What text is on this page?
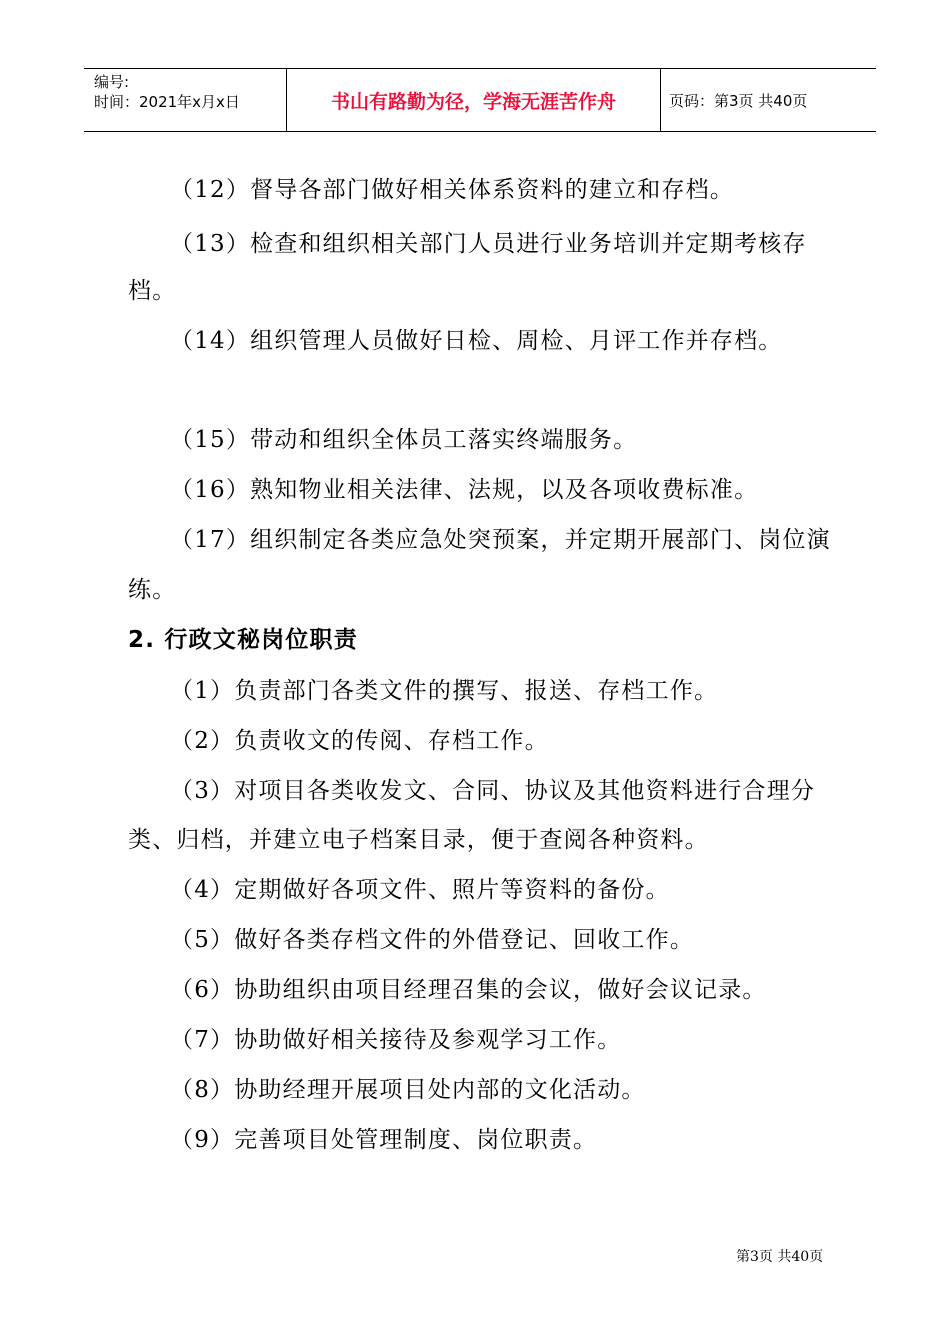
编号:
时间：2021年x月x日	书山有路勤为径，学海无涯苦作舟	页码：第3页 共40页
（12）督导各部门做好相关体系资料的建立和存档。
（13）检查和组织相关部门人员进行业务培训并定期考核存
档。
（14）组织管理人员做好日检、周检、月评工作并存档。
（15）带动和组织全体员工落实终端服务。
（16）熟知物业相关法律、法规，以及各项收费标准。
（17）组织制定各类应急处突预案，并定期开展部门、岗位演
练。
2. 行政文秘岗位职责
（1）负责部门各类文件的撰写、报送、存档工作。
（2）负责收文的传阅、存档工作。
（3）对项目各类收发文、合同、协议及其他资料进行合理分
类、归档，并建立电子档案目录，便于查阅各种资料。
（4）定期做好各项文件、照片等资料的备份。
（5）做好各类存档文件的外借登记、回收工作。
（6）协助组织由项目经理召集的会议，做好会议记录。
（7）协助做好相关接待及参观学习工作。
（8）协助经理开展项目处内部的文化活动。
（9）完善项目处管理制度、岗位职责。
第3页 共40页
